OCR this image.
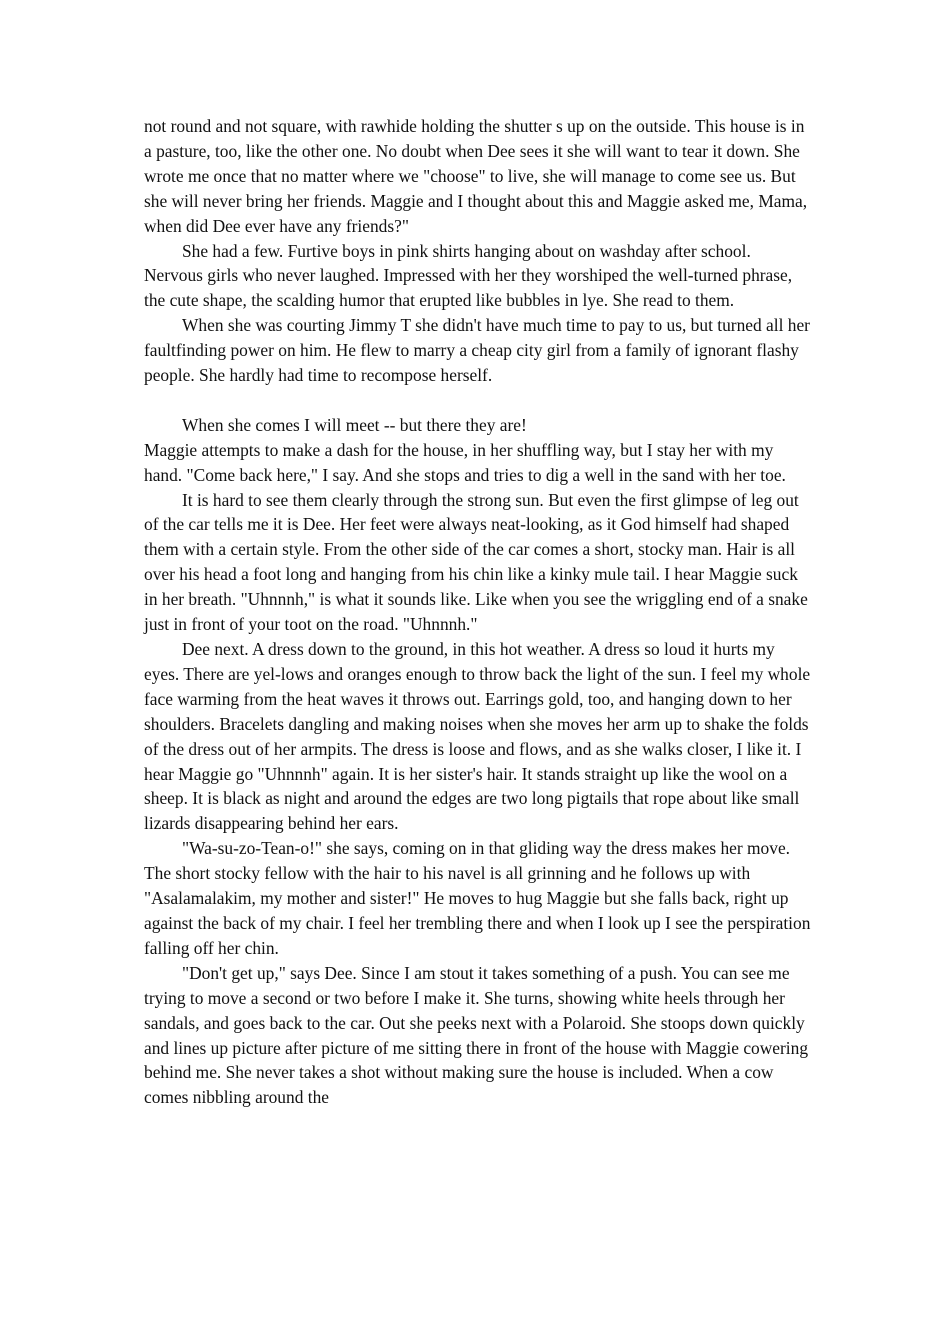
not round and not square, with rawhide holding the shutter s up on the outside. This house is in a pasture, too, like the other one. No doubt when Dee sees it she will want to tear it down. She wrote me once that no matter where we "choose" to live, she will manage to come see us. But she will never bring her friends. Maggie and I thought about this and Maggie asked me, Mama, when did Dee ever have any friends?"

She had a few. Furtive boys in pink shirts hanging about on washday after school. Nervous girls who never laughed. Impressed with her they worshiped the well-turned phrase, the cute shape, the scalding humor that erupted like bubbles in lye. She read to them.

When she was courting Jimmy T she didn't have much time to pay to us, but turned all her faultfinding power on him. He flew to marry a cheap city girl from a family of ignorant flashy people. She hardly had time to recompose herself.

When she comes I will meet -- but there they are!

Maggie attempts to make a dash for the house, in her shuffling way, but I stay her with my hand. "Come back here," I say. And she stops and tries to dig a well in the sand with her toe.

It is hard to see them clearly through the strong sun. But even the first glimpse of leg out of the car tells me it is Dee. Her feet were always neat-looking, as it God himself had shaped them with a certain style. From the other side of the car comes a short, stocky man. Hair is all over his head a foot long and hanging from his chin like a kinky mule tail. I hear Maggie suck in her breath. "Uhnnnh," is what it sounds like. Like when you see the wriggling end of a snake just in front of your toot on the road. "Uhnnnh."

Dee next. A dress down to the ground, in this hot weather. A dress so loud it hurts my eyes. There are yel-lows and oranges enough to throw back the light of the sun. I feel my whole face warming from the heat waves it throws out. Earrings gold, too, and hanging down to her shoulders. Bracelets dangling and making noises when she moves her arm up to shake the folds of the dress out of her armpits. The dress is loose and flows, and as she walks closer, I like it. I hear Maggie go "Uhnnnh" again. It is her sister's hair. It stands straight up like the wool on a sheep. It is black as night and around the edges are two long pigtails that rope about like small lizards disappearing behind her ears.

"Wa-su-zo-Tean-o!" she says, coming on in that gliding way the dress makes her move. The short stocky fellow with the hair to his navel is all grinning and he follows up with "Asalamalakim, my mother and sister!" He moves to hug Maggie but she falls back, right up against the back of my chair. I feel her trembling there and when I look up I see the perspiration falling off her chin.

"Don't get up," says Dee. Since I am stout it takes something of a push. You can see me trying to move a second or two before I make it. She turns, showing white heels through her sandals, and goes back to the car. Out she peeks next with a Polaroid. She stoops down quickly and lines up picture after picture of me sitting there in front of the house with Maggie cowering behind me. She never takes a shot without making sure the house is included. When a cow comes nibbling around the
